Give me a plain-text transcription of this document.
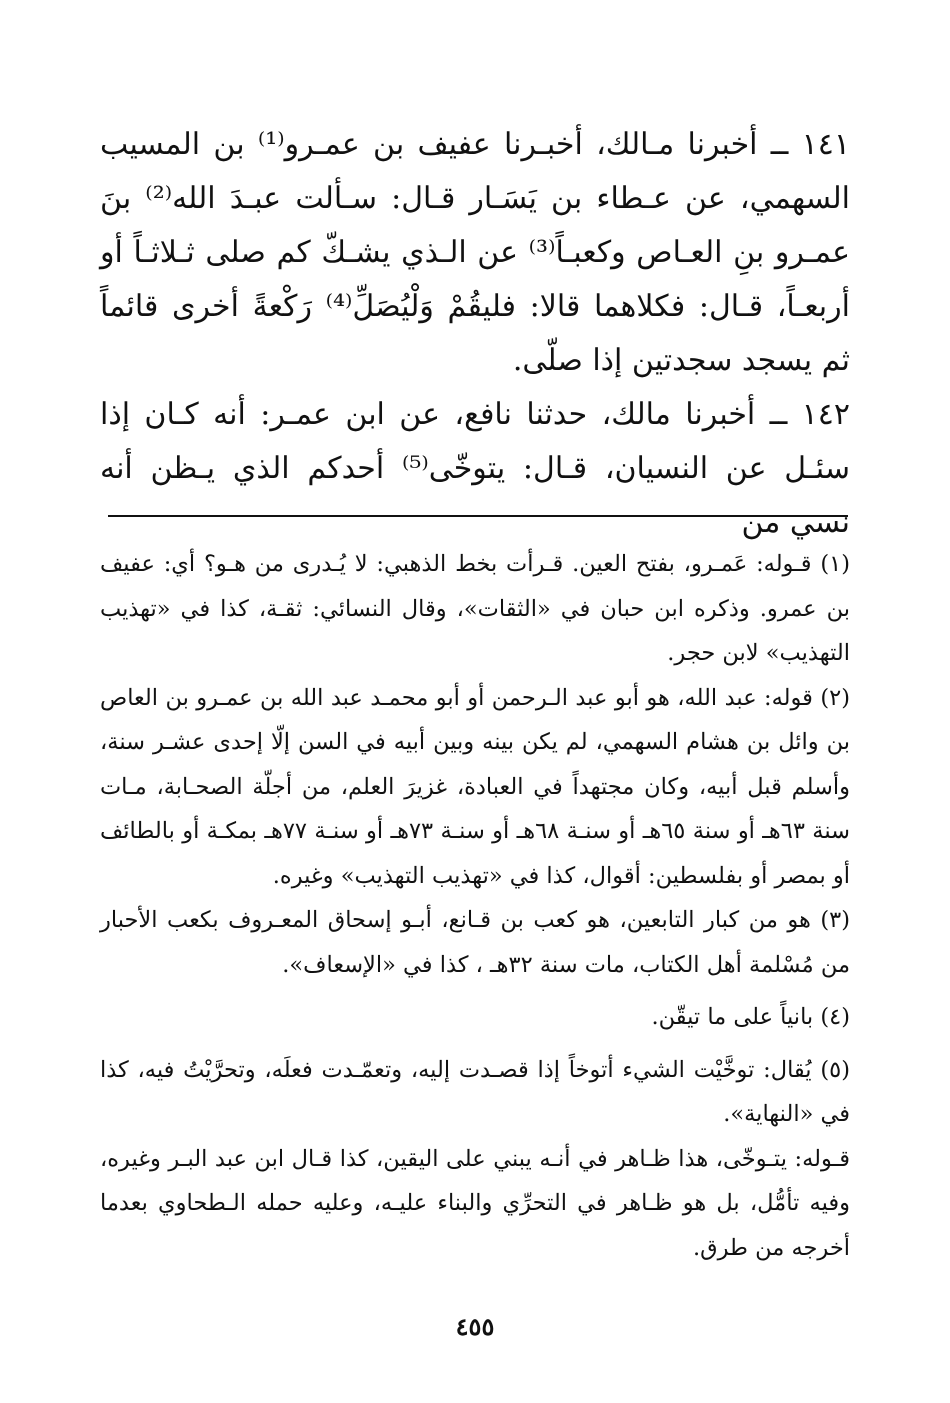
١٤١ ــ أخبرنا مـالك، أخبـرنا عفيف بن عمـرو⁽¹⁾ بن المسيب السهمي، عن عـطاء بن يَسَـار قـال: سـألت عبـدَ الله⁽²⁾ بنَ عمـرو بنِ العـاص وكعبـاً⁽³⁾ عن الـذي يشـكّ كم صلى ثـلاثـاً أو أربعـاً، قـال: فكلاهما قالا: فليقُمْ وَلْيُصَلِّ⁽⁴⁾ رَكْعةً أخرى قائماً ثم يسجد سجدتين إذا صلّى.

١٤٢ ــ أخبرنا مالك، حدثنا نافع، عن ابن عمـر: أنه كـان إذا سئـل عن النسيان، قـال: يتوخّى⁽⁵⁾ أحدكم الذي يـظن أنه نسي من

(١) قـوله: عَمـرو، بفتح العين. قـرأت بخط الذهبي: لا يُـدرى من هـو؟ أي: عفيف بن عمرو. وذكره ابن حبان في «الثقات»، وقال النسائي: ثقـة، كذا في «تهذيب التهذيب» لابن حجر.

(٢) قوله: عبد الله، هو أبو عبد الـرحمن أو أبو محمـد عبد الله بن عمـرو بن العاص بن وائل بن هشام السهمي، لم يكن بينه وبين أبيه في السن إلّا إحدى عشـر سنة، وأسلم قبل أبيه، وكان مجتهداً في العبادة، غزيرَ العلم، من أجلّة الصحـابة، مـات سنة ٦٣هـ أو سنة ٦٥هـ أو سنـة ٦٨هـ أو سنـة ٧٣هـ أو سنـة ٧٧هـ بمكـة أو بالطائف أو بمصر أو بفلسطين: أقوال، كذا في «تهذيب التهذيب» وغيره.

(٣) هو من كبار التابعين، هو كعب بن قـانع، أبـو إسحاق المعـروف بكعب الأحبار من مُسْلمة أهل الكتاب، مات سنة ٣٢هـ ، كذا في «الإسعاف».

(٤) بانياً على ما تيقّن.

(٥) يُقال: توخَّيْت الشيء أتوخاً إذا قصـدت إليه، وتعمّـدت فعلَه، وتحرَّيْتُ فيه، كذا في «النهاية».

قـوله: يتـوخّى، هذا ظـاهر في أنـه يبني على اليقين، كذا قـال ابن عبد البـر وغيره، وفيه تأمُّل، بل هو ظـاهر في التحرِّي والبناء عليـه، وعليه حمله الـطحاوي بعدما أخرجه من طرق.

٤٥٥
